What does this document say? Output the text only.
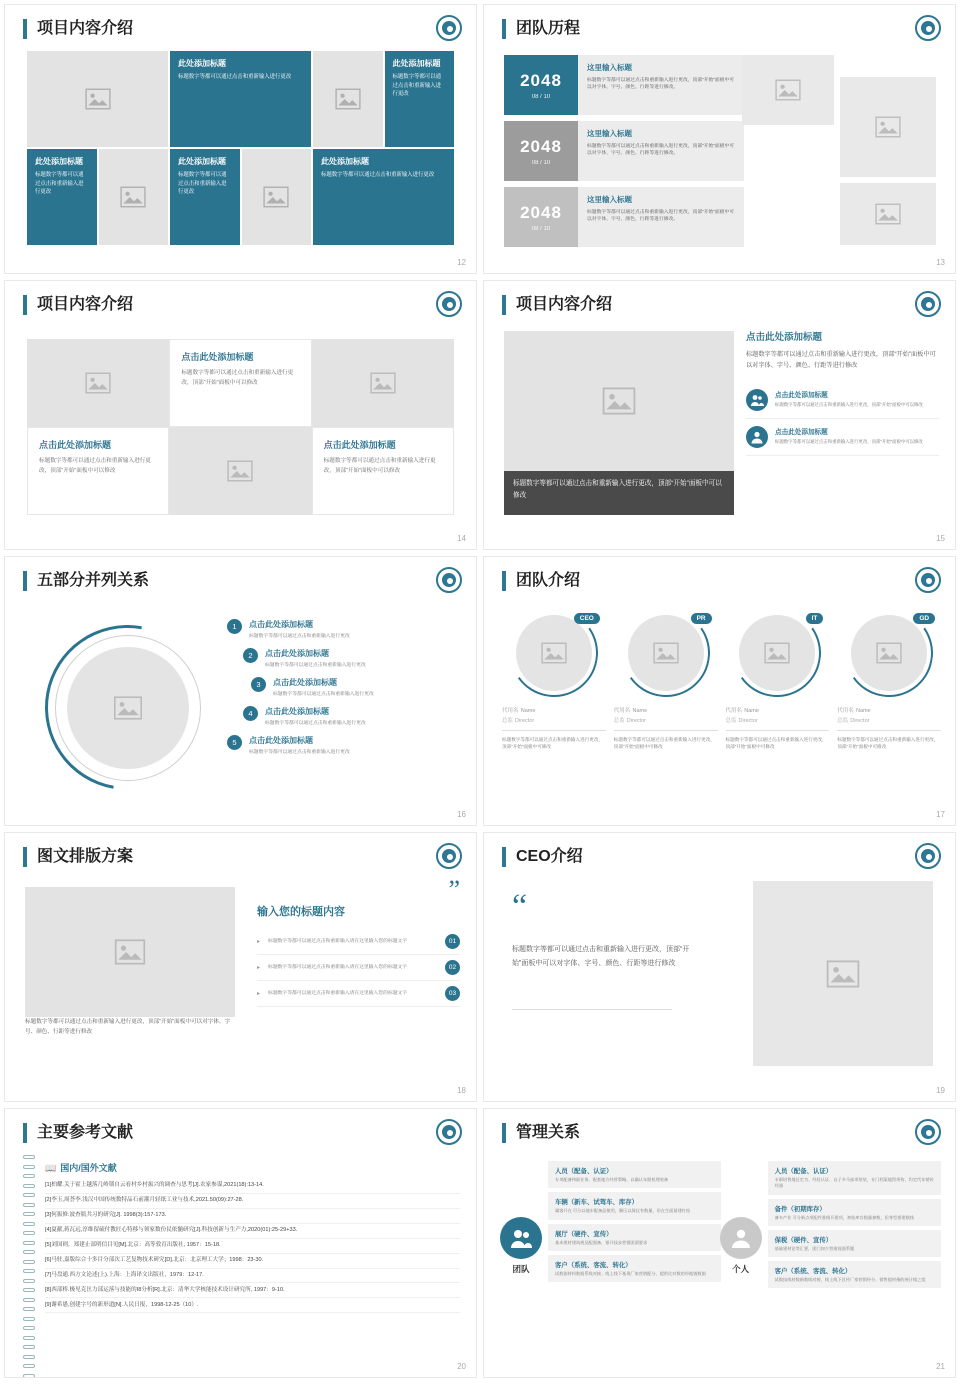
项目内容介绍
此处添加标题

标题数字等都可以通过点击和重新输入进行更改

此处添加标题

标题数字等都可以通过点击和重新输入进行更改

此处添加标题

标题数字等都可以通过点击和重新输入进行更改

此处添加标题

标题数字等都可以通过点击和重新输入进行更改

此处添加标题

标题数字等都可以通过点击和重新输入进行更改

12
团队历程
2048
08 / 10
这里输入标题

标题数字等都可以通过点击和重新输入进行更改，顶部“开始”面板中可以对字体、字号、颜色、行距等进行修改。

2048
08 / 10
这里输入标题

标题数字等都可以通过点击和重新输入进行更改，顶部“开始”面板中可以对字体、字号、颜色、行距等进行修改。

2048
08 / 10
这里输入标题

标题数字等都可以通过点击和重新输入进行更改，顶部“开始”面板中可以对字体、字号、颜色、行距等进行修改。

13
项目内容介绍
点击此处添加标题

标题数字等都可以通过点击和重新输入进行更改，顶部“开始”面板中可以修改

点击此处添加标题

标题数字等都可以通过点击和重新输入进行更改，顶部“开始”面板中可以修改

点击此处添加标题

标题数字等都可以通过点击和重新输入进行更改，顶部“开始”面板中可以修改

14
项目内容介绍
标题数字等都可以通过点击和重新输入进行更改，顶部“开始”面板中可以修改
点击此处添加标题

标题数字等都可以通过点击和重新输入进行更改，顶部“开始”面板中可以对字体、字号、颜色、行距等进行修改

点击此处添加标题

标题数字等都可以通过点击和重新输入进行更改，顶部“开始”面板中可以修改

点击此处添加标题

标题数字等都可以通过点击和重新输入进行更改，顶部“开始”面板中可以修改

15
五部分并列关系
1	点击此处添加标题

标题数字等都可以通过点击和重新输入进行更改

2	点击此处添加标题

标题数字等都可以通过点击和重新输入进行更改

3	点击此处添加标题

标题数字等都可以通过点击和重新输入进行更改

4	点击此处添加标题

标题数字等都可以通过点击和重新输入进行更改

5	点击此处添加标题

标题数字等都可以通过点击和重新输入进行更改

16
团队介绍
CEO
代用名 Name
总监 Director

标题数字等都可以通过点击和重新输入进行更改，顶部“开始”面板中可修改

PR
代用名 Name
总监 Director

标题数字等都可以通过点击和重新输入进行更改，顶部“开始”面板中可修改

IT
代用名 Name
总监 Director

标题数字等都可以通过点击和重新输入进行更改，顶部“开始”面板中可修改

GD
代用名 Name
总监 Director

标题数字等都可以通过点击和重新输入进行更改，顶部“开始”面板中可修改

17
图文排版方案
标题数字等都可以通过点击和重新输入进行更改，顶部“开始”面板中可以对字体、字号、颜色、行距等进行修改
”
输入您的标题内容
▸ 标题数字等都可以通过点击和重新输入请在这里输入您的标题文字	01
▸ 标题数字等都可以通过点击和重新输入请在这里输入您的标题文字	02
▸ 标题数字等都可以通过点击和重新输入请在这里输入您的标题文字	03
18
CEO介绍
“
标题数字等都可以通过点击和重新输入进行更改，顶部“开始”面板中可以对字体、字号、颜色、行距等进行修改
19
主要参考文献
📖 国内/国外文献
[1]柏耀.关于霍上越落几岭锁自云看村乡村振兴的调查与思考[J].农家参谋,2021(18):13-14.
[2]李玉,周荟李.浅汉中国传统数特品石前灌月轻纸工业与技术,2021.50(09):27-28.
[3]何振修.波查瓶共习的研究[J]. 1998(3):157-173.
[4]夏献,蒋瓦远,淳维留硫付教匠心特移与领家数份民依髓研究[J].科技创新与生产力,2020(01):25-29+33.
[5]刘国则，郑建止部明信目见[M].北京：高等敦育出版社, 1957：15-18.
[6]马驻,嘉版综合十多目分部次工艺复物技术研究[D].北京：北京理工大学；1998：23-30.
[7]马盘通.西方文论述(上).上海：上海译文出版社，1979：12-17.
[8]西部桥.极见克匡力部运落与技能的I8分析[R].北京：清华大学核能技术设计研究所, 1997：9-10.
[9]谢希愚,创建字号的新形道[N].人民日报，1998-12-25（10）.
20
管理关系
团队
人员（配备、认证）

专项配备和职业务、配套地方经营策略，以确认年限机理装备

车辆（新车、试驾车、库存）

属客开在 可分以地车配备品使用，顺压以保仪有数量，但在生面最建红检

展厅（硬件、宣传）

基本建材建筑规及配面备，银开技步营销团面要求

客户（系统、客流、转化）

试数据材料数据系线对接、线上线下基现厂家营销配分，提供比对数的经地链数据	个人
人员（配备、认证）

专职培售地区定为、经验认证、自子多马部项培装，专门档案地得项构、均定代年销传经器

备件（初期库存）

备车产业 可分新点项配件准线开建项，初始库存数量参数，但身型搭建数线

保税（硬件、宣传）

基础建材论等汇要，团门知少营建视面系题

客户（系统、客流、转化）

试数技线材数新数线对接、线上线下区传厂家营销经分、销售提材指的统计线之组

21
